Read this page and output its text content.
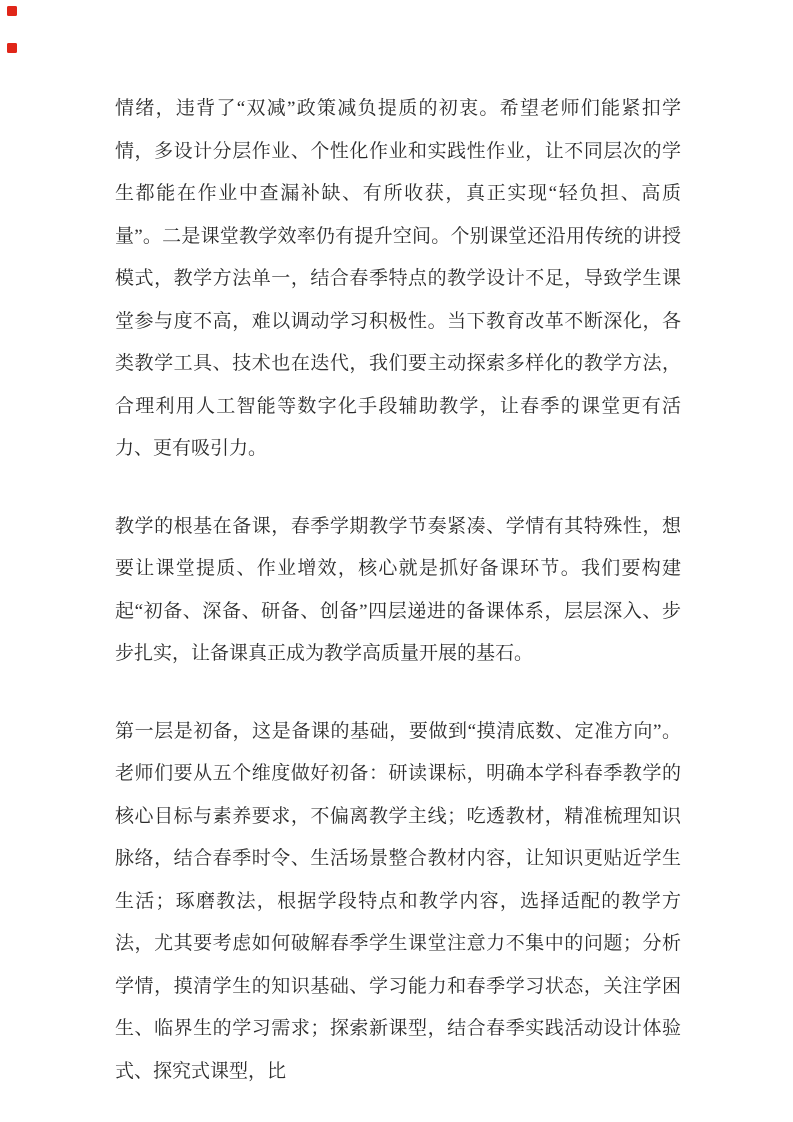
情绪，违背了“双减”政策减负提质的初衷。希望老师们能紧扣学情，多设计分层作业、个性化作业和实践性作业，让不同层次的学生都能在作业中查漏补缺、有所收获，真正实现“轻负担、高质量”。二是课堂教学效率仍有提升空间。个别课堂还沿用传统的讲授模式，教学方法单一，结合春季特点的教学设计不足，导致学生课堂参与度不高，难以调动学习积极性。当下教育改革不断深化，各类教学工具、技术也在迭代，我们要主动探索多样化的教学方法，合理利用人工智能等数字化手段辅助教学，让春季的课堂更有活力、更有吸引力。

教学的根基在备课，春季学期教学节奏紧凑、学情有其特殊性，想要让课堂提质、作业增效，核心就是抓好备课环节。我们要构建起“初备、深备、研备、创备”四层递进的备课体系，层层深入、步步扎实，让备课真正成为教学高质量开展的基石。

第一层是初备，这是备课的基础，要做到“摸清底数、定准方向”。老师们要从五个维度做好初备：研读课标，明确本学科春季教学的核心目标与素养要求，不偏离教学主线；吃透教材，精准梳理知识脉络，结合春季时令、生活场景整合教材内容，让知识更贴近学生生活；琢磨教法，根据学段特点和教学内容，选择适配的教学方法，尤其要考虑如何破解春季学生课堂注意力不集中的问题；分析学情，摸清学生的知识基础、学习能力和春季学习状态，关注学困生、临界生的学习需求；探索新课型，结合春季实践活动设计体验式、探究式课型，比
